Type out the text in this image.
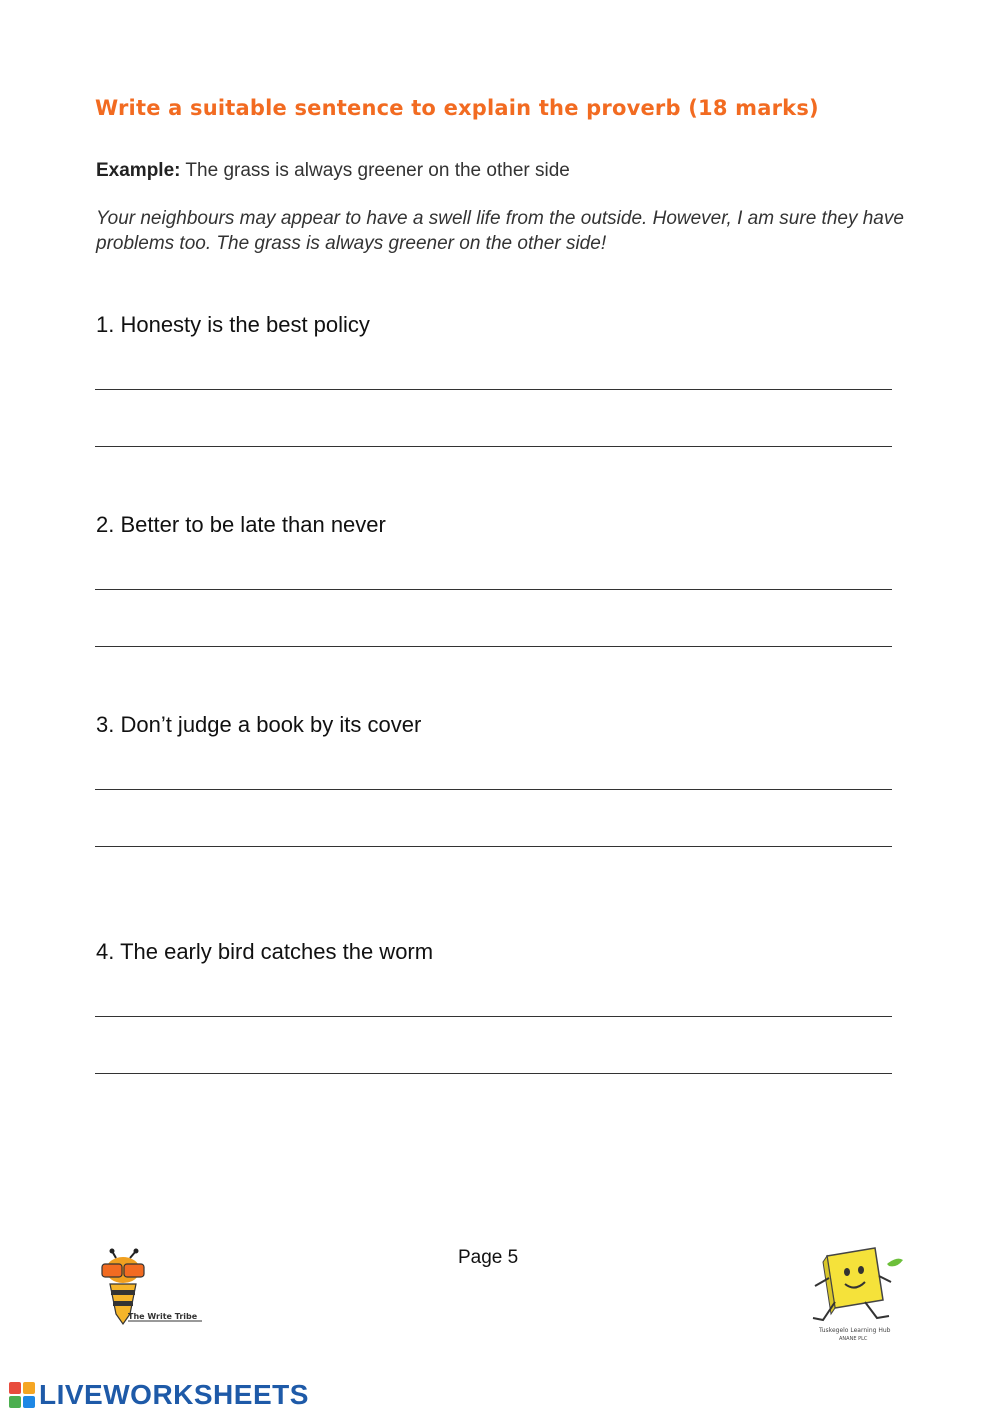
Write a suitable sentence to explain the proverb (18 marks)
Example: The grass is always greener on the other side
Your neighbours may appear to have a swell life from the outside. However, I am sure they have problems too. The grass is always greener on the other side!
1. Honesty is the best policy
2. Better to be late than never
3. Don’t judge a book by its cover
4. The early bird catches the worm
Page 5
The Write Tribe
Tuskegelo Learning Hub
ANANE PLC
LIVEWORKSHEETS
